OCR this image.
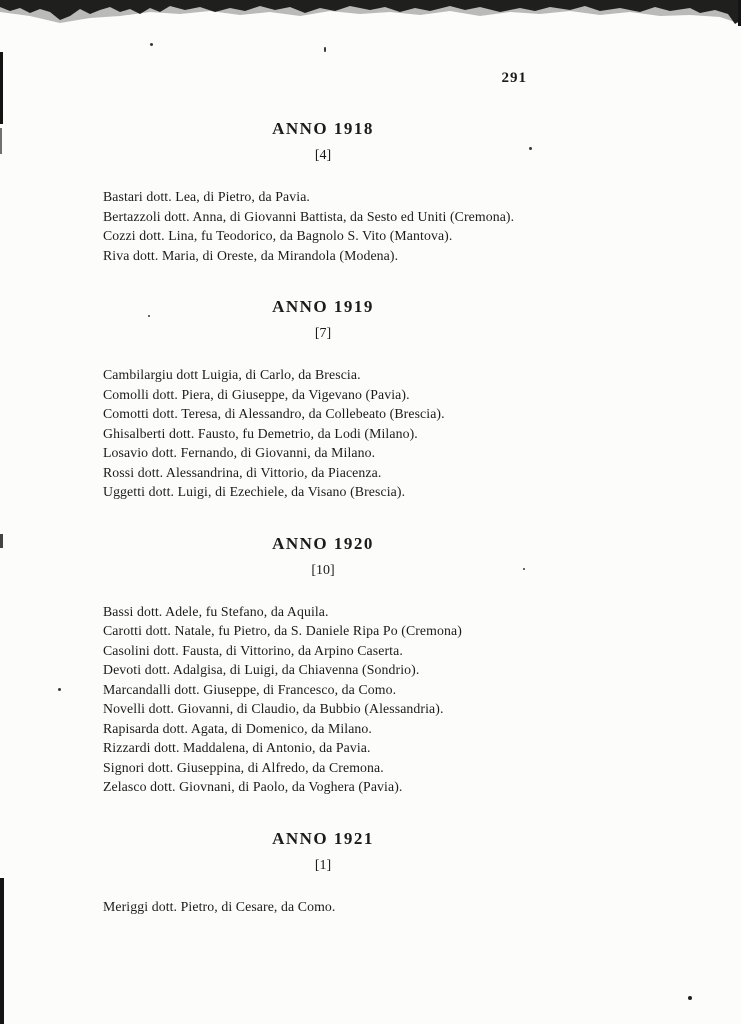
291
ANNO 1918
[4]

Bastari dott. Lea, di Pietro, da Pavia.

Bertazzoli dott. Anna, di Giovanni Battista, da Sesto ed Uniti (Cremona).

Cozzi dott. Lina, fu Teodorico, da Bagnolo S. Vito (Mantova).

Riva dott. Maria, di Oreste, da Mirandola (Modena).

ANNO 1919
[7]

Cambilargiu dott Luigia, di Carlo, da Brescia.

Comolli dott. Piera, di Giuseppe, da Vigevano (Pavia).

Comotti dott. Teresa, di Alessandro, da Collebeato (Brescia).

Ghisalberti dott. Fausto, fu Demetrio, da Lodi (Milano).

Losavio dott. Fernando, di Giovanni, da Milano.

Rossi dott. Alessandrina, di Vittorio, da Piacenza.

Uggetti dott. Luigi, di Ezechiele, da Visano (Brescia).

ANNO 1920
[10]

Bassi dott. Adele, fu Stefano, da Aquila.

Carotti dott. Natale, fu Pietro, da S. Daniele Ripa Po (Cremona)

Casolini dott. Fausta, di Vittorino, da Arpino Caserta.

Devoti dott. Adalgisa, di Luigi, da Chiavenna (Sondrio).

Marcandalli dott. Giuseppe, di Francesco, da Como.

Novelli dott. Giovanni, di Claudio, da Bubbio (Alessandria).

Rapisarda dott. Agata, di Domenico, da Milano.

Rizzardi dott. Maddalena, di Antonio, da Pavia.

Signori dott. Giuseppina, di Alfredo, da Cremona.

Zelasco dott. Giovnani, di Paolo, da Voghera (Pavia).

ANNO 1921
[1]

Meriggi dott. Pietro, di Cesare, da Como.
